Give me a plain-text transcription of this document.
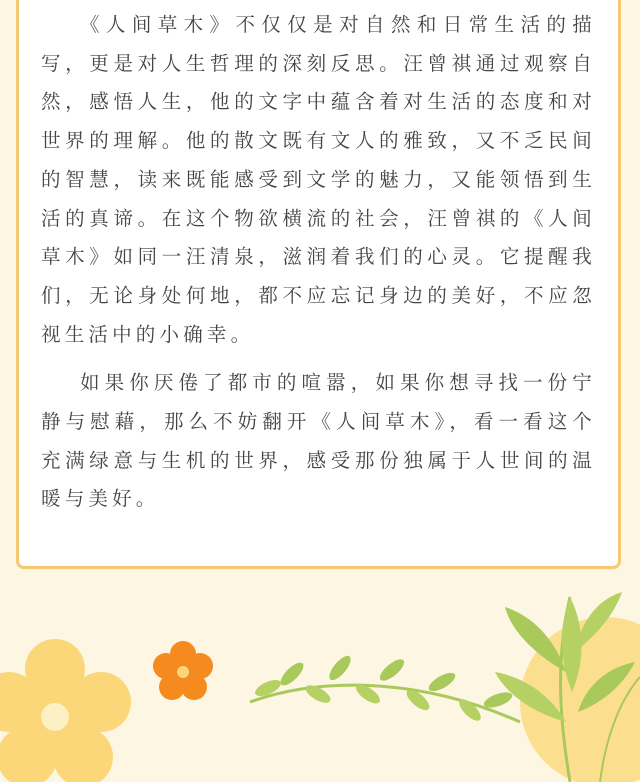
《人间草木》不仅仅是对自然和日常生活的描写，更是对人生哲理的深刻反思。汪曾祺通过观察自然，感悟人生，他的文字中蕴含着对生活的态度和对世界的理解。他的散文既有文人的雅致，又不乏民间的智慧，读来既能感受到文学的魅力，又能领悟到生活的真谛。在这个物欲横流的社会，汪曾祺的《人间草木》如同一汪清泉，滋润着我们的心灵。它提醒我们，无论身处何地，都不应忘记身边的美好，不应忽视生活中的小确幸。

如果你厌倦了都市的喧嚣，如果你想寻找一份宁静与慰藉，那么不妨翻开《人间草木》，看一看这个充满绿意与生机的世界，感受那份独属于人世间的温暖与美好。
